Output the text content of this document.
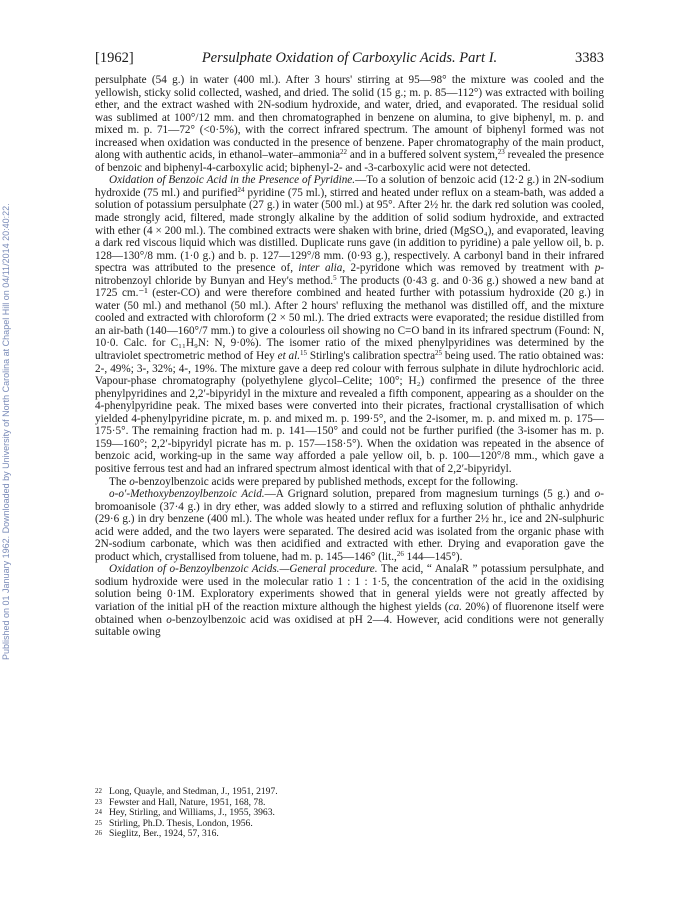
Published on 01 January 1962. Downloaded by University of North Carolina at Chapel Hill on 04/11/2014 20:40:22.
[1962]	Persulphate Oxidation of Carboxylic Acids. Part I.	3383

persulphate (54 g.) in water (400 ml.). After 3 hours' stirring at 95—98° the mixture was cooled and the yellowish, sticky solid collected, washed, and dried. The solid (15 g.; m. p. 85—112°) was extracted with boiling ether, and the extract washed with 2N-sodium hydroxide, and water, dried, and evaporated. The residual solid was sublimed at 100°/12 mm. and then chromatographed in benzene on alumina, to give biphenyl, m. p. and mixed m. p. 71—72° (<0·5%), with the correct infrared spectrum. The amount of biphenyl formed was not increased when oxidation was conducted in the presence of benzene. Paper chromatography of the main product, along with authentic acids, in ethanol–water–ammonia$^{22}$ and in a buffered solvent system,$^{23}$ revealed the presence of benzoic and biphenyl-4-carboxylic acid; biphenyl-2- and -3-carboxylic acid were not detected.

Oxidation of Benzoic Acid in the Presence of Pyridine.—To a solution of benzoic acid (12·2 g.) in 2N-sodium hydroxide (75 ml.) and purified$^{24}$ pyridine (75 ml.), stirred and heated under reflux on a steam-bath, was added a solution of potassium persulphate (27 g.) in water (500 ml.) at 95°. After 2½ hr. the dark red solution was cooled, made strongly acid, filtered, made strongly alkaline by the addition of solid sodium hydroxide, and extracted with ether (4 × 200 ml.). The combined extracts were shaken with brine, dried (MgSO₄), and evaporated, leaving a dark red viscous liquid which was distilled. Duplicate runs gave (in addition to pyridine) a pale yellow oil, b. p. 128—130°/8 mm. (1·0 g.) and b. p. 127—129°/8 mm. (0·93 g.), respectively. A carbonyl band in their infrared spectra was attributed to the presence of, inter alia, 2-pyridone which was removed by treatment with p-nitrobenzoyl chloride by Bunyan and Hey's method.$^5$ The products (0·43 g. and 0·36 g.) showed a new band at 1725 cm.⁻¹ (ester-CO) and were therefore combined and heated further with potassium hydroxide (20 g.) in water (50 ml.) and methanol (50 ml.). After 2 hours' refluxing the methanol was distilled off, and the mixture cooled and extracted with chloroform (2 × 50 ml.). The dried extracts were evaporated; the residue distilled from an air-bath (140—160°/7 mm.) to give a colourless oil showing no C=O band in its infrared spectrum (Found: N, 10·0. Calc. for C₁₁H₉N: N, 9·0%). The isomer ratio of the mixed phenylpyridines was determined by the ultraviolet spectrometric method of Hey et al.$^{15}$ Stirling's calibration spectra$^{25}$ being used. The ratio obtained was: 2-, 49%; 3-, 32%; 4-, 19%. The mixture gave a deep red colour with ferrous sulphate in dilute hydrochloric acid. Vapour-phase chromatography (polyethylene glycol–Celite; 100°; H₂) confirmed the presence of the three phenylpyridines and 2,2′-bipyridyl in the mixture and revealed a fifth component, appearing as a shoulder on the 4-phenylpyridine peak. The mixed bases were converted into their picrates, fractional crystallisation of which yielded 4-phenylpyridine picrate, m. p. and mixed m. p. 199·5°, and the 2-isomer, m. p. and mixed m. p. 175—175·5°. The remaining fraction had m. p. 141—150° and could not be further purified (the 3-isomer has m. p. 159—160°; 2,2′-bipyridyl picrate has m. p. 157—158·5°). When the oxidation was repeated in the absence of benzoic acid, working-up in the same way afforded a pale yellow oil, b. p. 100—120°/8 mm., which gave a positive ferrous test and had an infrared spectrum almost identical with that of 2,2′-bipyridyl.

The o-benzoylbenzoic acids were prepared by published methods, except for the following.

o-o′-Methoxybenzoylbenzoic Acid.—A Grignard solution, prepared from magnesium turnings (5 g.) and o-bromoanisole (37·4 g.) in dry ether, was added slowly to a stirred and refluxing solution of phthalic anhydride (29·6 g.) in dry benzene (400 ml.). The whole was heated under reflux for a further 2½ hr., ice and 2N-sulphuric acid were added, and the two layers were separated. The desired acid was isolated from the organic phase with 2N-sodium carbonate, which was then acidified and extracted with ether. Drying and evaporation gave the product which, crystallised from toluene, had m. p. 145—146° (lit.,$^{26}$ 144—145°).

Oxidation of o-Benzoylbenzoic Acids.—General procedure. The acid, “ AnalaR ” potassium persulphate, and sodium hydroxide were used in the molecular ratio 1 : 1 : 1·5, the concentration of the acid in the oxidising solution being 0·1M. Exploratory experiments showed that in general yields were not greatly affected by variation of the initial pH of the reaction mixture although the highest yields (ca. 20%) of fluorenone itself were obtained when o-benzoylbenzoic acid was oxidised at pH 2—4. However, acid conditions were not generally suitable owing

22 Long, Quayle, and Stedman, J., 1951, 2197.
23 Fewster and Hall, Nature, 1951, 168, 78.
24 Hey, Stirling, and Williams, J., 1955, 3963.
25 Stirling, Ph.D. Thesis, London, 1956.
26 Sieglitz, Ber., 1924, 57, 316.
